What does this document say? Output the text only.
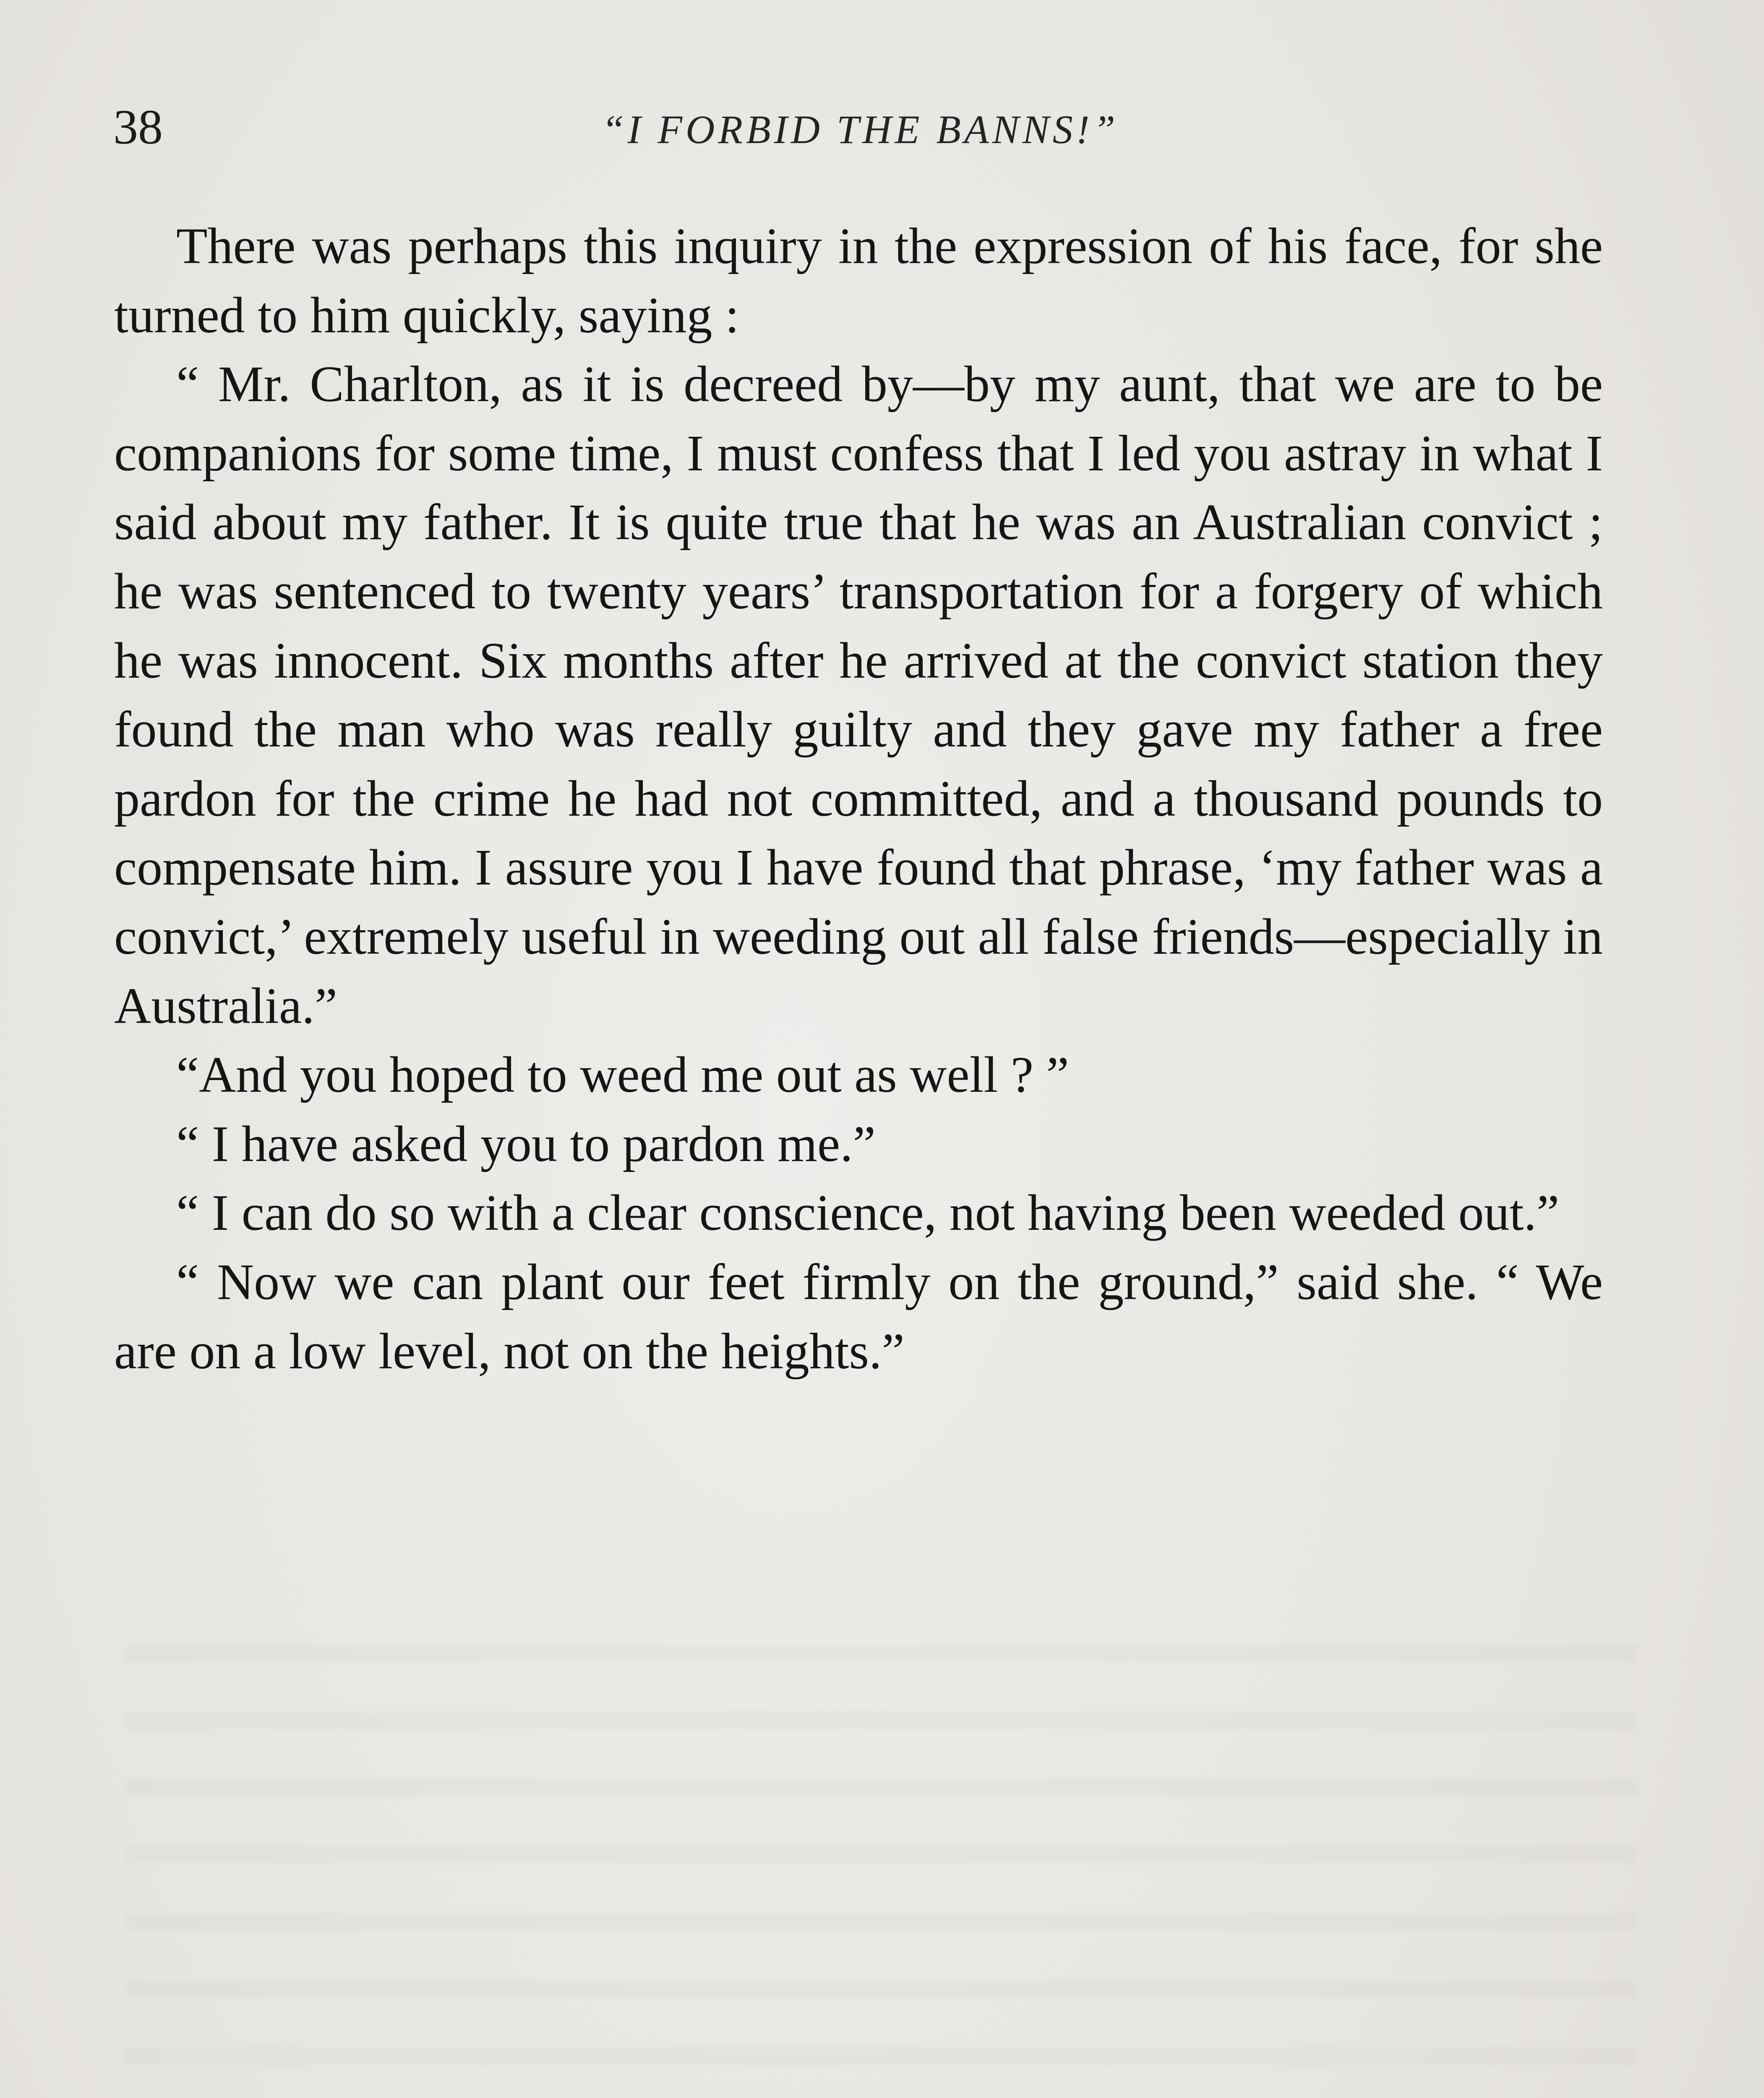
38	“I FORBID THE BANNS!”

There was perhaps this inquiry in the expression of his face, for she turned to him quickly, saying :

“ Mr. Charlton, as it is decreed by—by my aunt, that we are to be companions for some time, I must confess that I led you astray in what I said about my father. It is quite true that he was an Australian convict ; he was sentenced to twenty years’ transportation for a forgery of which he was innocent. Six months after he arrived at the convict station they found the man who was really guilty and they gave my father a free pardon for the crime he had not committed, and a thousand pounds to compensate him. I assure you I have found that phrase, ‘my father was a convict,’ extremely useful in weeding out all false friends––especially in Australia.”

“And you hoped to weed me out as well ? ”

“ I have asked you to pardon me.”

“ I can do so with a clear conscience, not having been weeded out.”

“ Now we can plant our feet firmly on the ground,” said she. “ We are on a low level, not on the heights.”
